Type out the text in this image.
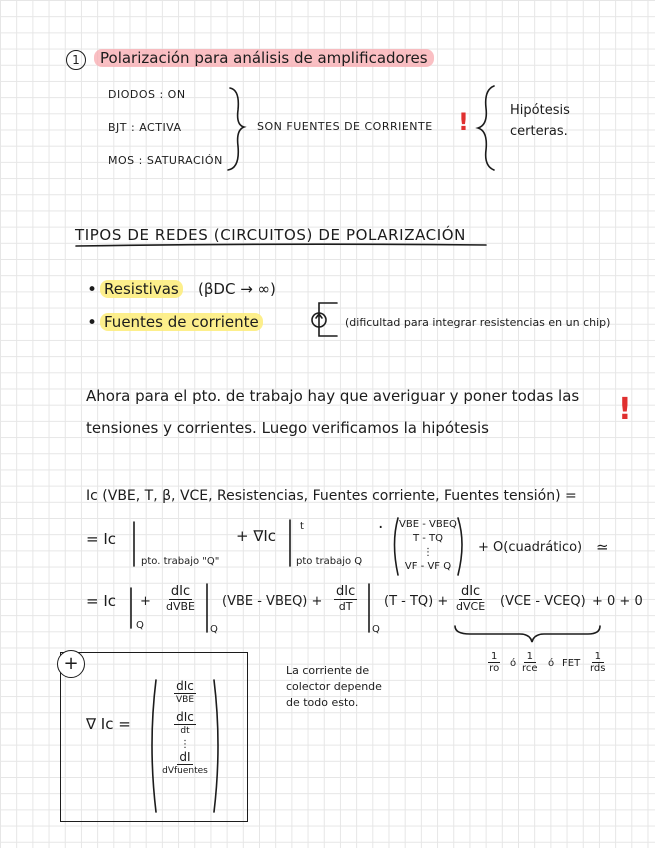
1	Polarización para análisis de amplificadores
DIODOS : ON
BJT : ACTIVA
MOS : SATURACIÓN
SON FUENTES DE CORRIENTE !	Hipótesis
certeras.
TIPOS DE REDES (CIRCUITOS) DE POLARIZACIÓN
• Resistivas (βDC → ∞)
• Fuentes de corriente	(dificultad para integrar resistencias en un chip)
Ahora para el pto. de trabajo hay que averiguar y poner todas las
tensiones y corrientes. Luego verificamos la hipótesis
!
Ic (VBE, T, β, VCE, Resistencias, Fuentes corriente, Fuentes tensión) =
= Ic
pto. trabajo "Q"
+ ∇Ic
t
pto trabajo Q
· VBE - VBEQ
T - TQ
⋮
VF - VF Q
+ O(cuadrático) ≃
= Ic
Q
+
dIc
dVBE
Q
(VBE - VBEQ) +
dIc
dT
Q
(T - TQ) +
dIc
dVCE (VCE - VCEQ) + 0 + 0
$\frac{1}{ro}$ ó
1
rce ó FET
1
rds
+
∇ Ic =
dIc
VBE
dIc
dt
⋮
dI
dVfuentes
La corriente de
colector depende
de todo esto.
